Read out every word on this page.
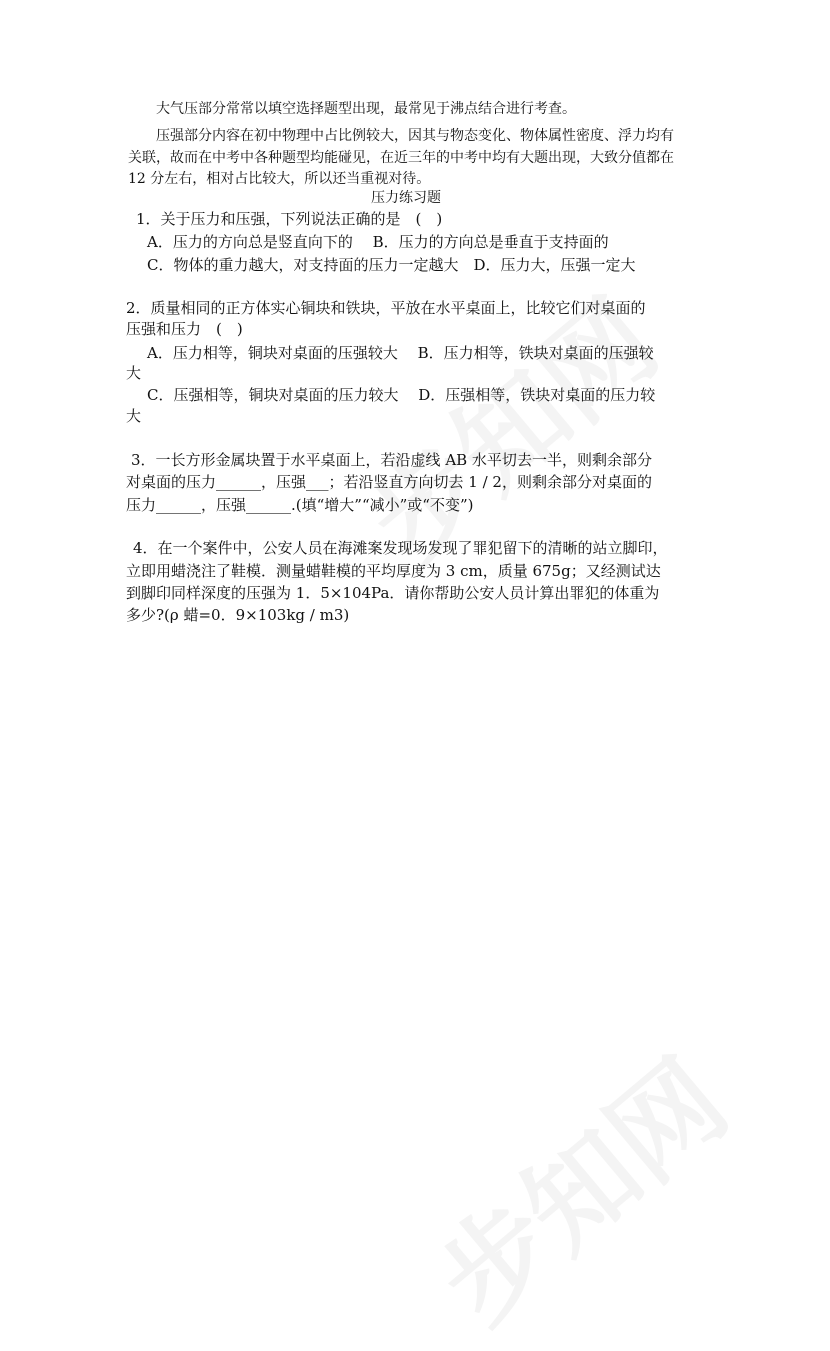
大气压部分常常以填空选择题型出现，最常见于沸点结合进行考查。
压强部分内容在初中物理中占比例较大，因其与物态变化、物体属性密度、浮力均有
关联，故而在中考中各种题型均能碰见，在近三年的中考中均有大题出现，大致分值都在
12 分左右，相对占比较大，所以还当重视对待。
压力练习题
1．关于压力和压强，下列说法正确的是　(　)
A．压力的方向总是竖直向下的　 B．压力的方向总是垂直于支持面的
C．物体的重力越大，对支持面的压力一定越大　D．压力大，压强一定大
2．质量相同的正方体实心铜块和铁块，平放在水平桌面上，比较它们对桌面的
压强和压力　(　)
A．压力相等，铜块对桌面的压强较大　 B．压力相等，铁块对桌面的压强较
大
C．压强相等，铜块对桌面的压力较大　 D．压强相等，铁块对桌面的压力较
大
3．一长方形金属块置于水平桌面上，若沿虚线 AB 水平切去一半，则剩余部分
对桌面的压力______，压强___；若沿竖直方向切去 1 / 2，则剩余部分对桌面的
压力______，压强______.(填“增大”“减小”或“不变”)
4．在一个案件中，公安人员在海滩案发现场发现了罪犯留下的清晰的站立脚印，
立即用蜡浇注了鞋模．测量蜡鞋模的平均厚度为 3 cm，质量 675g；又经测试达
到脚印同样深度的压强为 1．5×104Pa．请你帮助公安人员计算出罪犯的体重为
多少?(ρ 蜡=0．9×103kg / m3)
